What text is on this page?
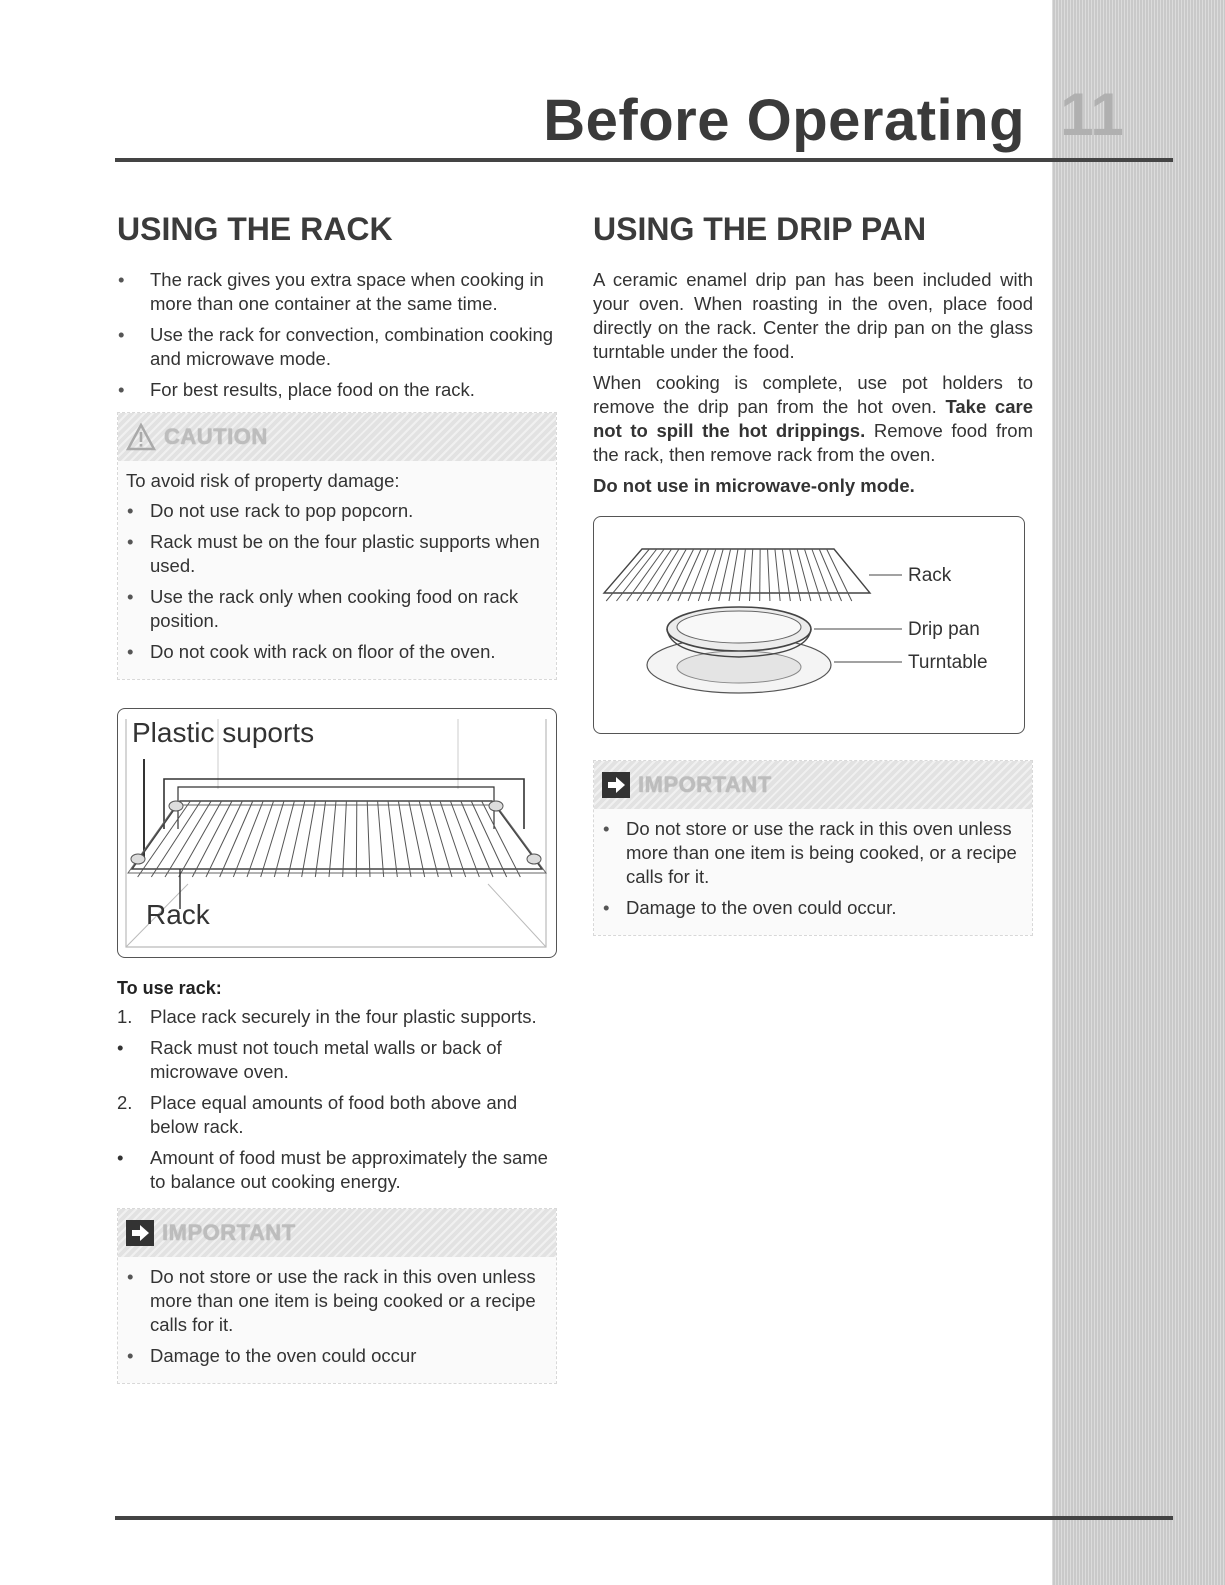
11
Before Operating
USING THE RACK
• The rack gives you extra space when cooking in more than one container at the same time.
• Use the rack for convection, combination cooking and microwave mode.
• For best results, place food on the rack.
CAUTION

To avoid risk of property damage:

• Do not use rack to pop popcorn.
• Rack must be on the four plastic supports when used.
• Use the rack only when cooking food on rack position.
• Do not cook with rack on floor of the oven.
Plastic suports
Rack
To use rack:
1. Place rack securely in the four plastic supports.
• Rack must not touch metal walls or back of microwave oven.
2. Place equal amounts of food both above and below rack.
• Amount of food must be approximately the same to balance out cooking energy.
IMPORTANT
• Do not store or use the rack in this oven unless more than one item is being cooked or a recipe calls for it.
• Damage to the oven could occur
USING THE DRIP PAN

A ceramic enamel drip pan has been included with your oven. When roasting in the oven, place food directly on the rack. Center the drip pan on the glass turntable under the food.

When cooking is complete, use pot holders to remove the drip pan from the hot oven. Take care not to spill the hot drippings. Remove food from the rack, then remove rack from the oven.

Do not use in microwave-only mode.

Rack
Drip pan
Turntable
IMPORTANT
• Do not store or use the rack in this oven unless more than one item is being cooked, or a recipe calls for it.
• Damage to the oven could occur.
